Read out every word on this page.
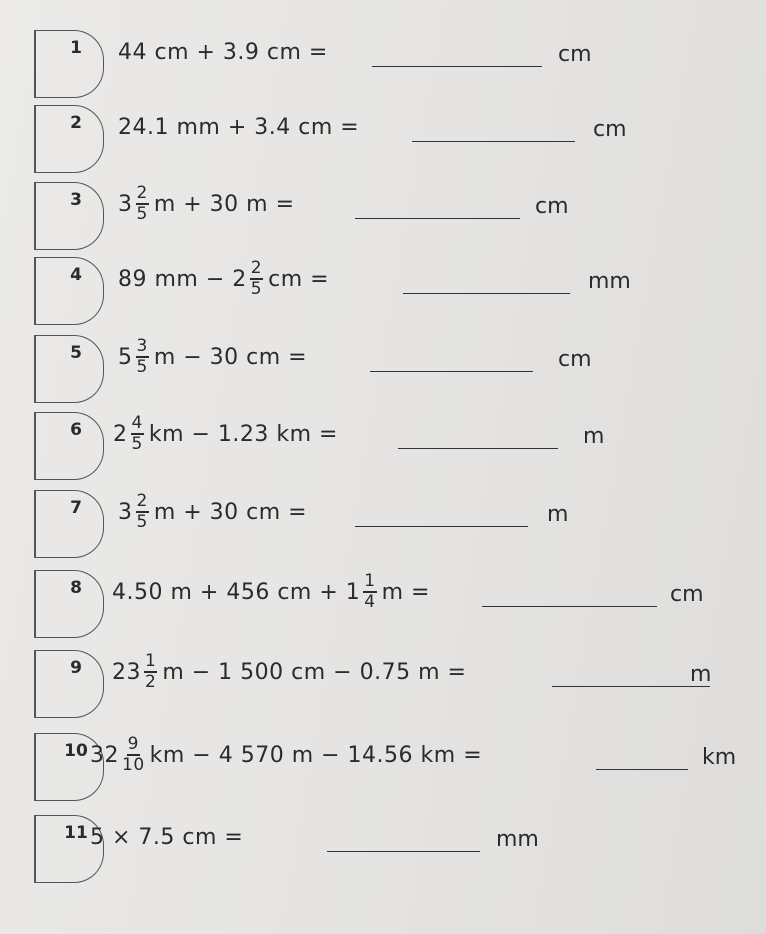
1	44 cm + 3.9 cm =	cm
2	24.1 mm + 3.4 cm =	cm
3	$3 \frac{2}{5}$ m + 30 m =	cm
4	89 mm − $2 \frac{2}{5}$ cm =	mm
5	$5 \frac{3}{5}$ m − 30 cm =	cm
6	$2 \frac{4}{5}$ km − 1.23 km =	m
7	$3 \frac{2}{5}$ m + 30 cm =	m
8	4.50 m + 456 cm + $1 \frac{1}{4}$ m =	cm
9	$23 \frac{1}{2}$ m − 1 500 cm − 0.75 m =	m
10 $32 \frac{9}{10}$ km − 4 570 m − 14.56 km =	km
11 5 × 7.5 cm =	mm
